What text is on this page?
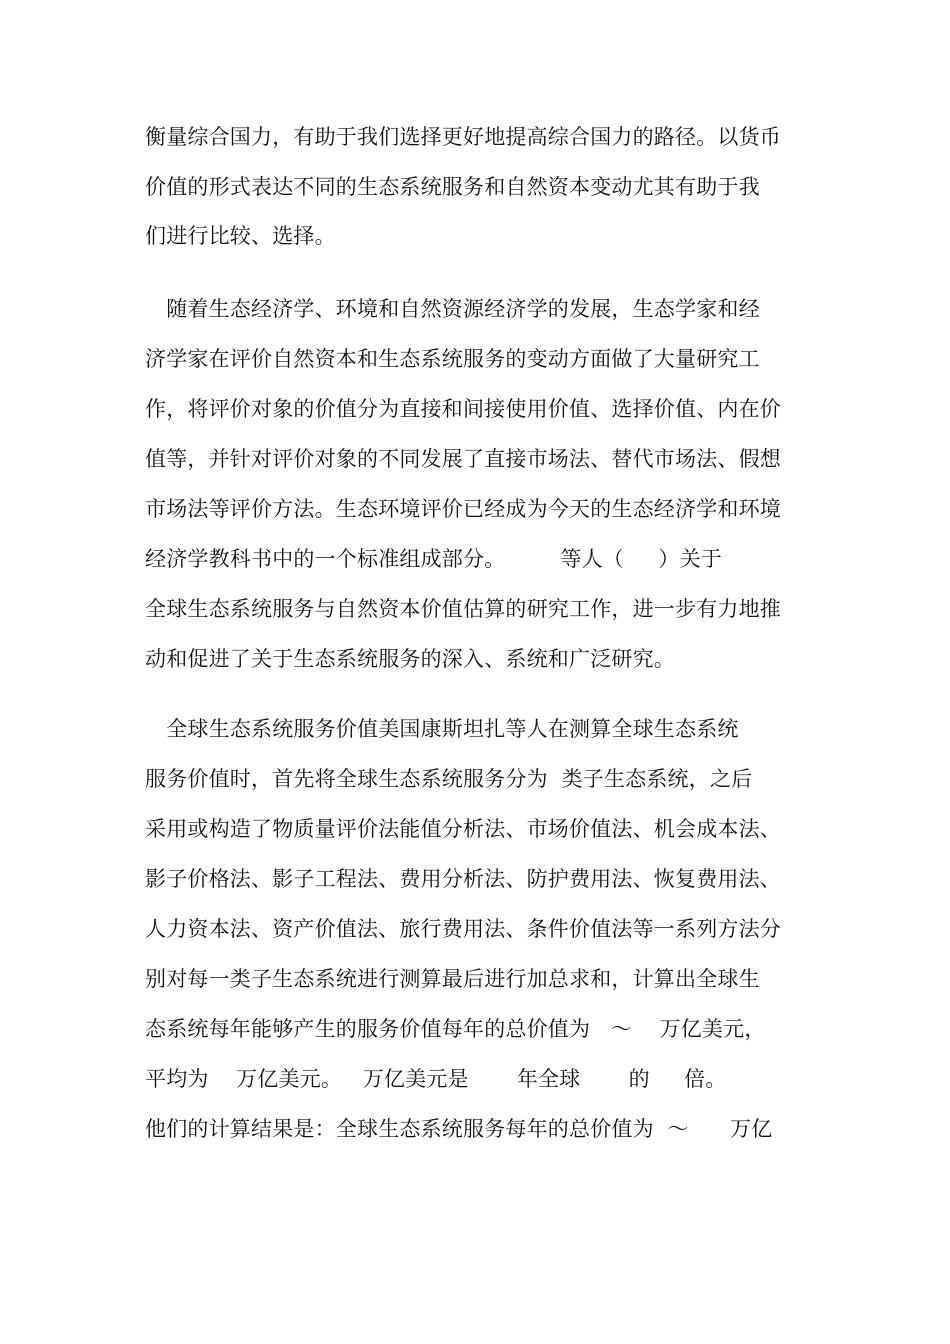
衡量综合国力，有助于我们选择更好地提高综合国力的路径。以货币
价值的形式表达不同的生态系统服务和自然资本变动尤其有助于我
们进行比较、选择。
　随着生态经济学、环境和自然资源经济学的发展，生态学家和经
济学家在评价自然资本和生态系统服务的变动方面做了大量研究工
作，将评价对象的价值分为直接和间接使用价值、选择价值、内在价
值等，并针对评价对象的不同发展了直接市场法、替代市场法、假想
市场法等评价方法。生态环境评价已经成为今天的生态经济学和环境
经济学教科书中的一个标准组成部分。        等人（     ）关于
全球生态系统服务与自然资本价值估算的研究工作，进一步有力地推
动和促进了关于生态系统服务的深入、系统和广泛研究。
　全球生态系统服务价值美国康斯坦扎等人在测算全球生态系统
服务价值时，首先将全球生态系统服务分为  类子生态系统，之后
采用或构造了物质量评价法能值分析法、市场价值法、机会成本法、
影子价格法、影子工程法、费用分析法、防护费用法、恢复费用法、
人力资本法、资产价值法、旅行费用法、条件价值法等一系列方法分
别对每一类子生态系统进行测算最后进行加总求和，计算出全球生
态系统每年能够产生的服务价值每年的总价值为   ～    万亿美元，
平均为    万亿美元。   万亿美元是       年全球       的     倍。
他们的计算结果是：全球生态系统服务每年的总价值为  ～      万亿
